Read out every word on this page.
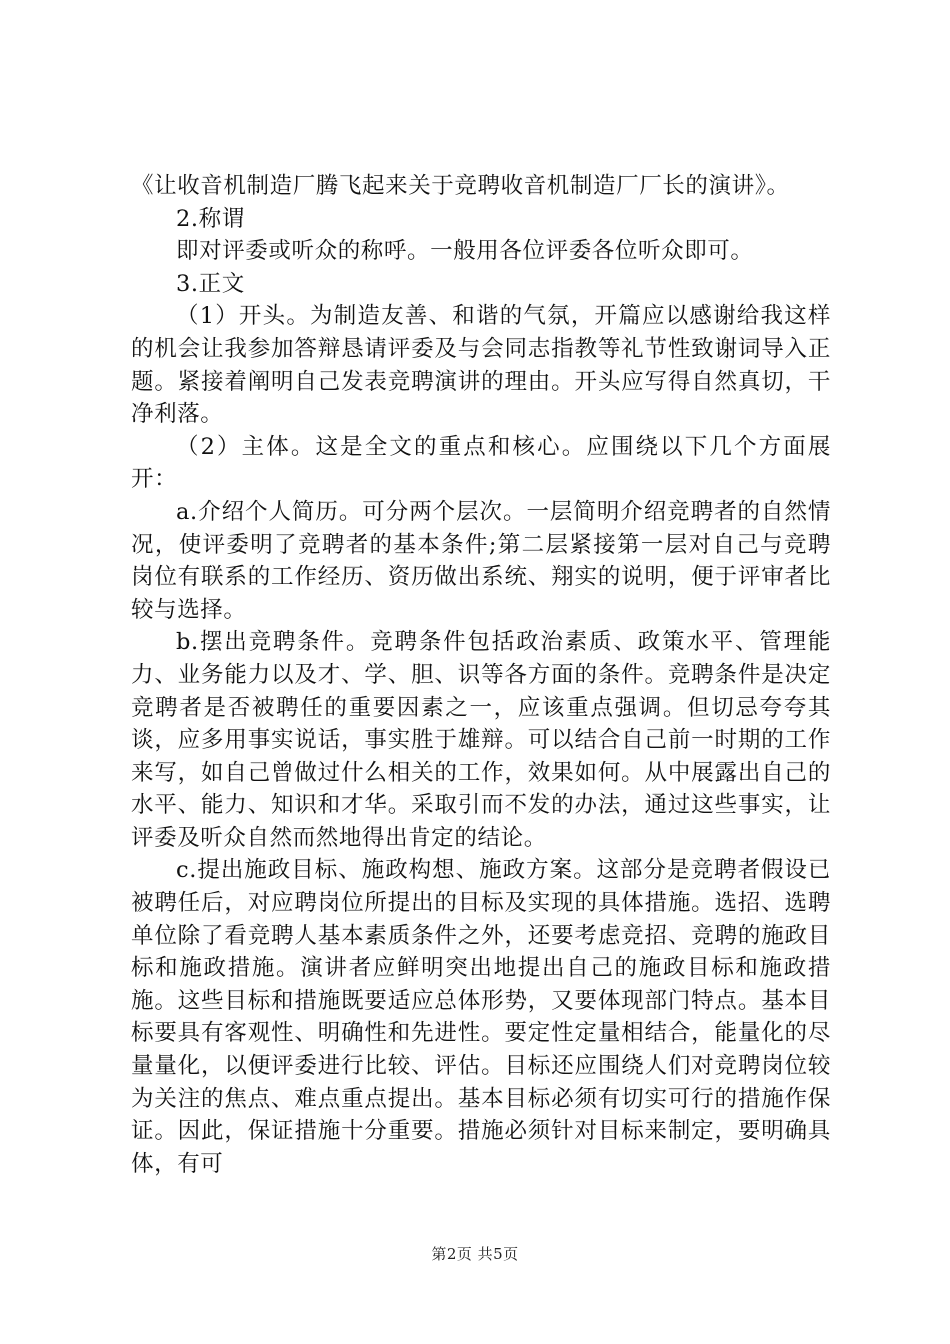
《让收音机制造厂腾飞起来关于竞聘收音机制造厂厂长的演讲》。

2.称谓

即对评委或听众的称呼。一般用各位评委各位听众即可。

3.正文

（1）开头。为制造友善、和谐的气氛，开篇应以感谢给我这样的机会让我参加答辩恳请评委及与会同志指教等礼节性致谢词导入正题。紧接着阐明自己发表竞聘演讲的理由。开头应写得自然真切，干净利落。

（2）主体。这是全文的重点和核心。应围绕以下几个方面展开：

a.介绍个人简历。可分两个层次。一层简明介绍竞聘者的自然情况，使评委明了竞聘者的基本条件;第二层紧接第一层对自己与竞聘岗位有联系的工作经历、资历做出系统、翔实的说明，便于评审者比较与选择。

b.摆出竞聘条件。竞聘条件包括政治素质、政策水平、管理能力、业务能力以及才、学、胆、识等各方面的条件。竞聘条件是决定竞聘者是否被聘任的重要因素之一，应该重点强调。但切忌夸夸其谈，应多用事实说话，事实胜于雄辩。可以结合自己前一时期的工作来写，如自己曾做过什么相关的工作，效果如何。从中展露出自己的水平、能力、知识和才华。采取引而不发的办法，通过这些事实，让评委及听众自然而然地得出肯定的结论。

c.提出施政目标、施政构想、施政方案。这部分是竞聘者假设已被聘任后，对应聘岗位所提出的目标及实现的具体措施。选招、选聘单位除了看竞聘人基本素质条件之外，还要考虑竞招、竞聘的施政目标和施政措施。演讲者应鲜明突出地提出自己的施政目标和施政措施。这些目标和措施既要适应总体形势，又要体现部门特点。基本目标要具有客观性、明确性和先进性。要定性定量相结合，能量化的尽量量化，以便评委进行比较、评估。目标还应围绕人们对竞聘岗位较为关注的焦点、难点重点提出。基本目标必须有切实可行的措施作保证。因此，保证措施十分重要。措施必须针对目标来制定，要明确具体，有可

第2页 共5页
